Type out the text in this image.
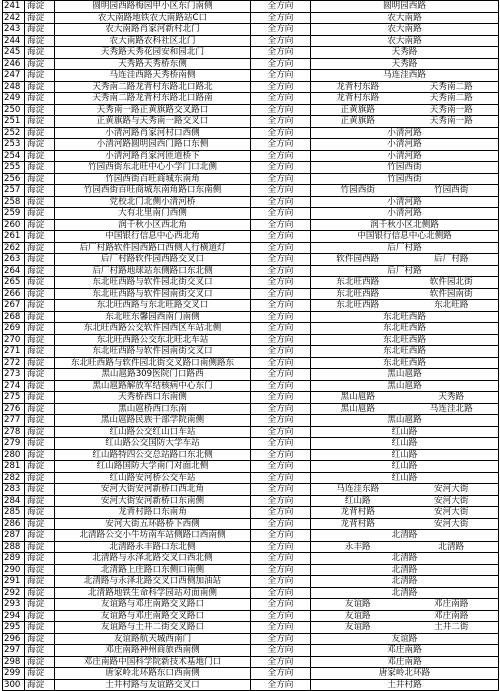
241	海淀	圆明园西路梅园甲小区东门南侧	全方向	圆明园西路

242	海淀	农大南路地铁农大南路站C口	全方向	农大南路

243	海淀	农大南路肖家河新村北门	全方向	农大南路

244	海淀	农大南路农科社区北门	全方向	农大南路

245	海淀	天秀路天秀花园安和园北门	全方向	天秀路

246	海淀	天秀路天秀桥东侧	全方向	天秀路

247	海淀	马连洼西路天秀桥南侧	全方向	马连洼西路

248	海淀	天秀南二路龙背村东路北口路北	全方向	龙背村东路 天秀南二路

249	海淀	天秀南二路龙背村东路北口路南	全方向	龙背村东路 天秀南二路

250	海淀	天秀南一路正黄旗路交叉路口	全方向	正黄旗路 天秀南一路

251	海淀	正黄旗路与天秀南一路交叉口	全方向	正黄旗路 天秀南一路

252	海淀	小清河路肖家河村口西侧	全方向	小清河路

253	海淀	小清河路圆明园西门路口东侧	全方向	小清河路

254	海淀	小清河路肖家河匝道桥下	全方向	小清河路

255	海淀	竹园西街东北旺中心小学门口北侧	全方向	竹园西街

256	海淀	竹园西街百旺商城东南角	全方向	竹园西街

257	海淀	竹园西街百旺商城东南角路口东南侧	全方向	竹园西街 竹园西街

258	海淀	党校北门北侧小清河桥	全方向	小清河路

259	海淀	大有北里南门西侧	全方向	小清河路

260	海淀	润千秋小区西北角	全方向	润千秋小区北侧路

261	海淀	中国银行信息中心西北角	全方向	中国银行信息中心北侧路

262	海淀	后厂村路软件园西路口西侧人行横道灯	全方向	后厂村路

263	海淀	后厂村路软件园西路交叉口	全方向	软件园西路 后厂村路

264	海淀	后厂村路地球站东侧路口东北侧	全方向	后厂村路

265	海淀	东北旺西路与软件园北街交叉口	全方向	东北旺西路 软件园北街

266	海淀	东北旺西路与软件园南街交叉口	全方向	东北旺西路 软件园南街

267	海淀	东北旺西路与东北旺路交叉口	全方向	东北旺西路 东北旺路

268	海淀	东北旺东馨园西南门南侧	全方向	东北旺西路

269	海淀	东北旺西路公交软件园西区车站北侧	全方向	东北旺西路

270	海淀	东北旺西路公交东北旺北车站	全方向	东北旺西路

271	海淀	东北旺西路与软件园南街交叉口	全方向	东北旺西路

272	海淀	东北旺西路与软件园北街交叉路口南侧路东	全方向	东北旺西路

273	海淀	黑山扈路309医院门口路西	全方向	黑山扈路

274	海淀	黑山扈路解放军结核病中心东门	全方向	黑山扈路

275	海淀	天秀桥西口东南侧	全方向	黑山扈路 天秀路

276	海淀	黑山扈桥西口东南	全方向	黑山扈路 马连洼北路

277	海淀	黑山扈路民族干部学院南侧	全方向	黑山扈路

278	海淀	红山路公交红山口车站	全方向	红山路

279	海淀	红山路公交国防大学车站	全方向	红山路

280	海淀	红山路特四公交总站路口东北侧	全方向	红山路

281	海淀	红山路国防大学南门对面北侧	全方向	红山路

282	海淀	红山路安河桥公交车站	全方向	红山路

283	海淀	安河大街安河新桥口西北角	全方向	马连洼东路 安河大街

284	海淀	安河大街安河新桥口东南侧	全方向	红山路 安河大街

285	海淀	龙背村路口东南角	全方向	龙背村路 安河大街

286	海淀	安河大街五环路桥下西侧	全方向	龙背村路 安河大街

287	海淀	北清路公交小牛坊南车站侧路口西南侧	全方向	北清路

288	海淀	北清路永丰路口东北侧	全方向	永丰路 北清路

289	海淀	北清路与永泽北路交叉口西北侧	全方向	北清路

290	海淀	北清路上庄路口东侧口南侧	全方向	北清路

291	海淀	北清路与永泽北路交叉口西侧加油站	全方向	北清路

292	海淀	北清路地铁生命科学园站对面南侧	全方向	北清路

293	海淀	友谊路与邓庄南路交叉路口	全方向	友谊路 邓庄南路

294	海淀	友谊路与邓庄南路交叉路口	全方向	友谊路 邓庄南路

295	海淀	友谊路与土井二街交叉路口	全方向	友谊路 土井二街

296	海淀	友谊路航天城西南门	全方向	友谊路

297	海淀	邓庄南路神州商旅西南侧	全方向	邓庄南路

298	海淀	邓庄南路中国科学院新技术基地门口	全方向	邓庄南路

299	海淀	唐家岭北环路东口西南侧	全方向	唐家岭北环路

300	海淀	土井村路与友谊路交叉口	全方向	土井村路
